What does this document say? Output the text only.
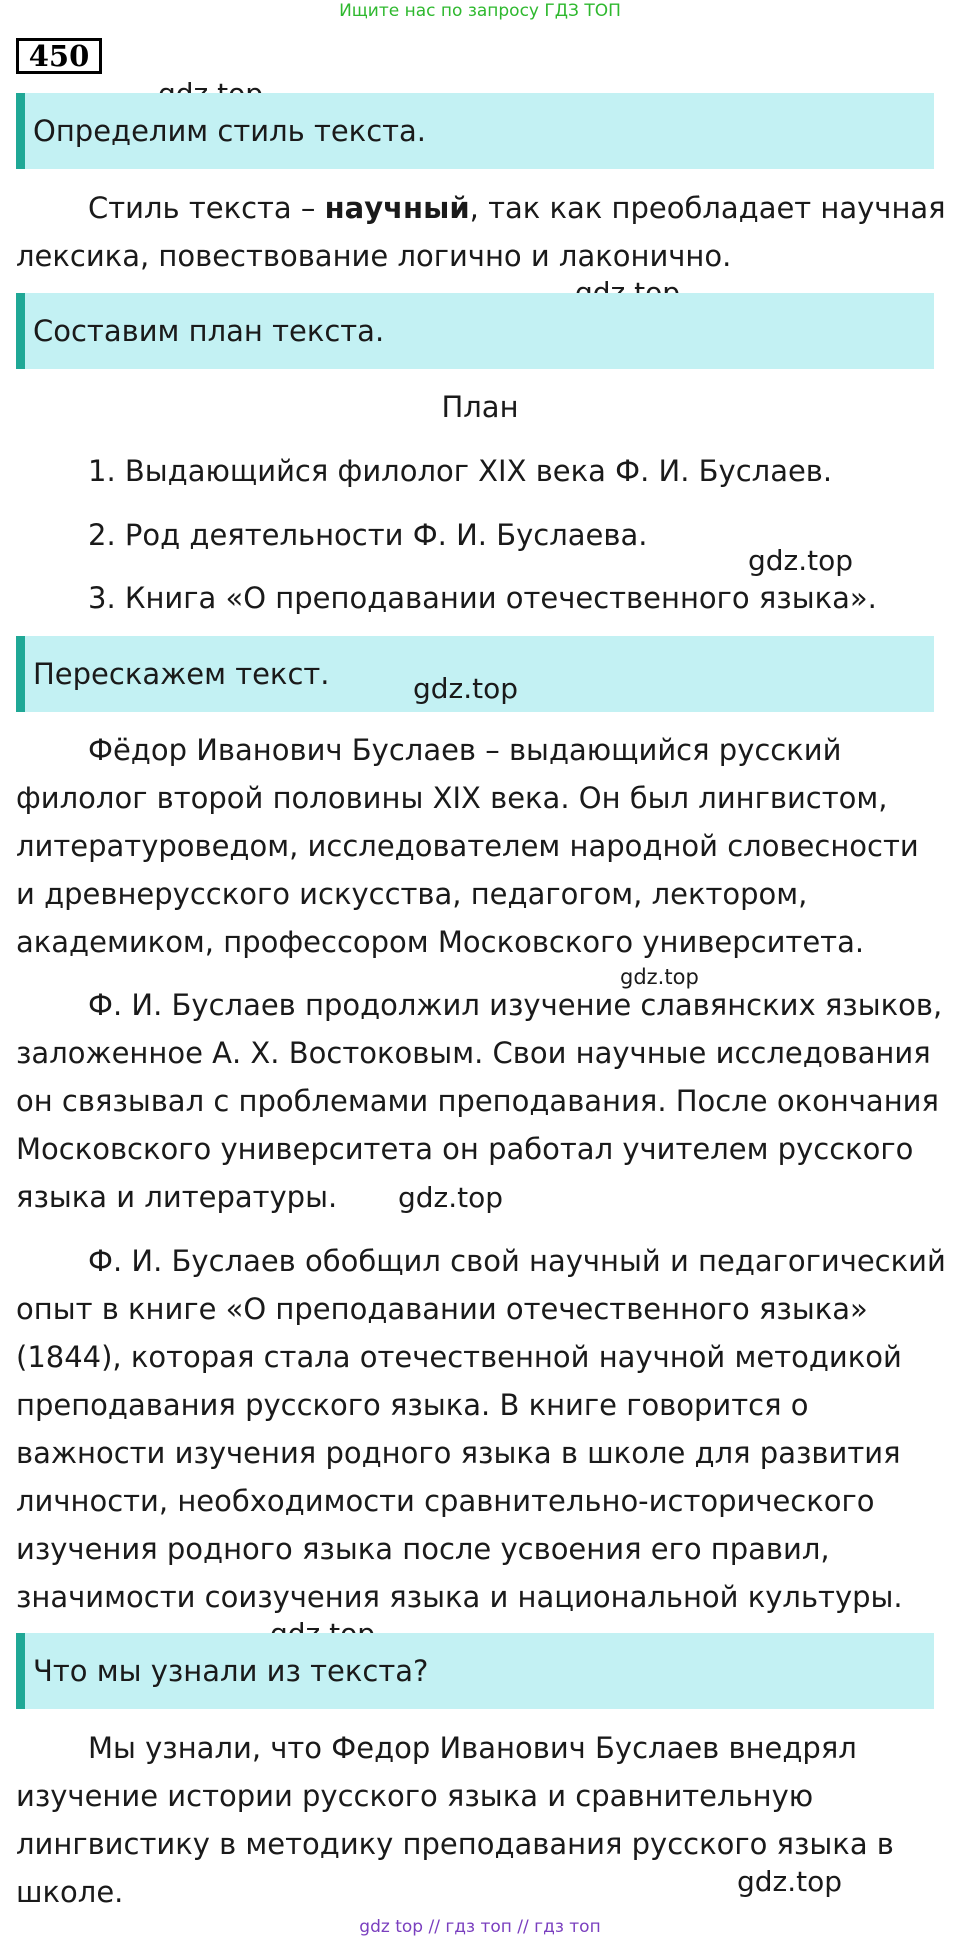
Ищите нас по запросу ГДЗ ТОП
450
Определим стиль текста.

Стиль текста – научный, так как преобладает научная лексика, повествование логично и лаконично.

Составим план текста.
План
1. Выдающийся филолог XIX века Ф. И. Буслаев.
2. Род деятельности Ф. И. Буслаева.
gdz.top
3. Книга «О преподавании отечественного языка».
Перескажем текст.	gdz.top

Фёдор Иванович Буслаев – выдающийся русский филолог второй половины XIX века. Он был лингвистом, литературоведом, исследователем народной словесности и древнерусского искусства, педагогом, лектором, академиком, профессором Московского университета.

gdz.top

Ф. И. Буслаев продолжил изучение славянских языков, заложенное А. Х. Востоковым. Свои научные исследования он связывал с проблемами преподавания. После окончания Московского университета он работал учителем русского языка и литературы.	gdz.top

Ф. И. Буслаев обобщил свой научный и педагогический опыт в книге «О преподавании отечественного языка» (1844), которая стала отечественной научной методикой преподавания русского языка. В книге говорится о важности изучения родного языка в школе для развития личности, необходимости сравнительно-исторического изучения родного языка после усвоения его правил, значимости соизучения языка и национальной культуры.

Что мы узнали из текста?

Мы узнали, что Федор Иванович Буслаев внедрял изучение истории русского языка и сравнительную лингвистику в методику преподавания русского языка в школе.	gdz.top
gdz top // гдз топ // гдз топ
